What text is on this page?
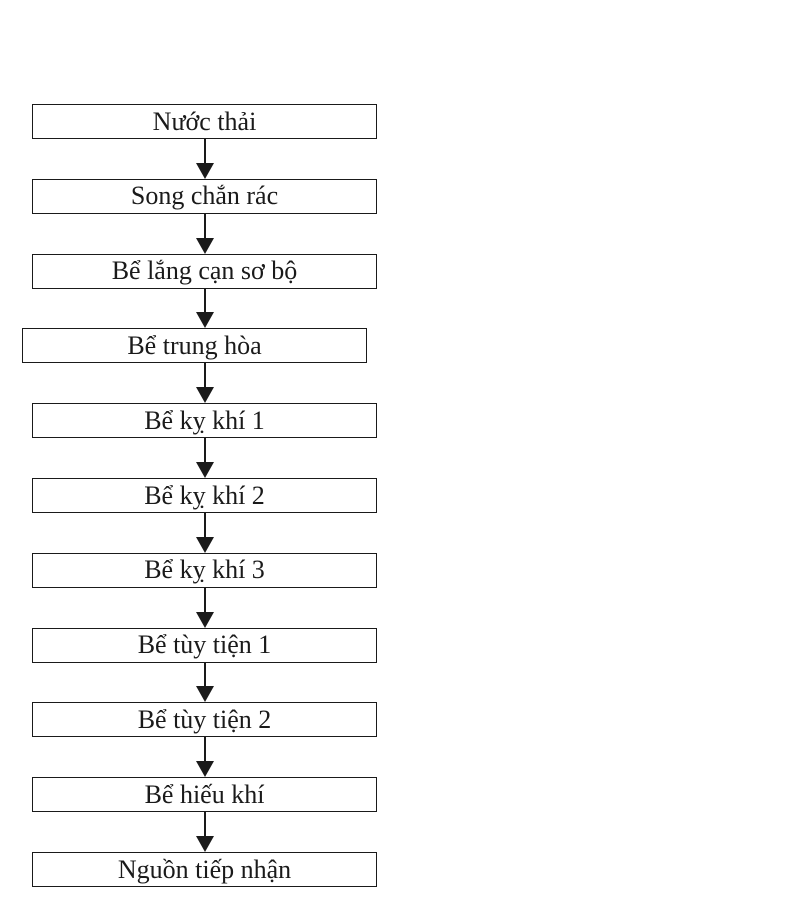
Nước thải
Song chắn rác
Bể lắng cạn sơ bộ
Bể trung hòa
Bể kỵ khí 1
Bể kỵ khí 2
Bể kỵ khí 3
Bể tùy tiện 1
Bể tùy tiện 2
Bể hiếu khí
Nguồn tiếp nhận
